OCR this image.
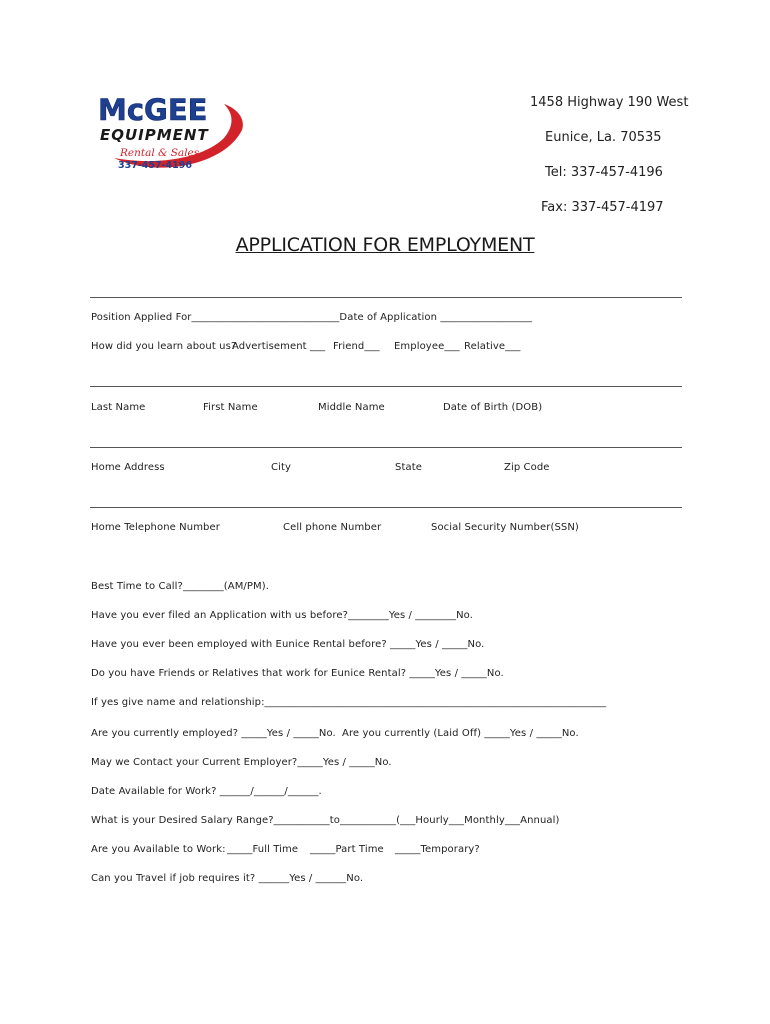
McGEE
EQUIPMENT
Rental & Sales
337-457-4196
1458 Highway 190 West
Eunice, La. 70535
Tel: 337-457-4196
Fax: 337-457-4197
APPLICATION FOR EMPLOYMENT
Position Applied For_____________________________Date of Application __________________
How did you learn about us?
Advertisement ___ Friend___ Employee___ Relative___
Last Name	First Name	Middle Name	Date of Birth (DOB)
Home Address	City	State	Zip Code
Home Telephone Number	Cell phone Number	Social Security Number(SSN)
Best Time to Call?________(AM/PM).
Have you ever filed an Application with us before?________Yes / ________No.
Have you ever been employed with Eunice Rental before? _____Yes / _____No.
Do you have Friends or Relatives that work for Eunice Rental? _____Yes / _____No.
If yes give name and relationship:___________________________________________________________________
Are you currently employed? _____Yes / _____No. Are you currently (Laid Off) _____Yes / _____No.
May we Contact your Current Employer?_____Yes / _____No.
Date Available for Work? ______/______/______.
What is your Desired Salary Range?___________to___________(___Hourly___Monthly___Annual)
Are you Available to Work: _____Full Time _____Part Time _____Temporary?
Can you Travel if job requires it? ______Yes / ______No.
